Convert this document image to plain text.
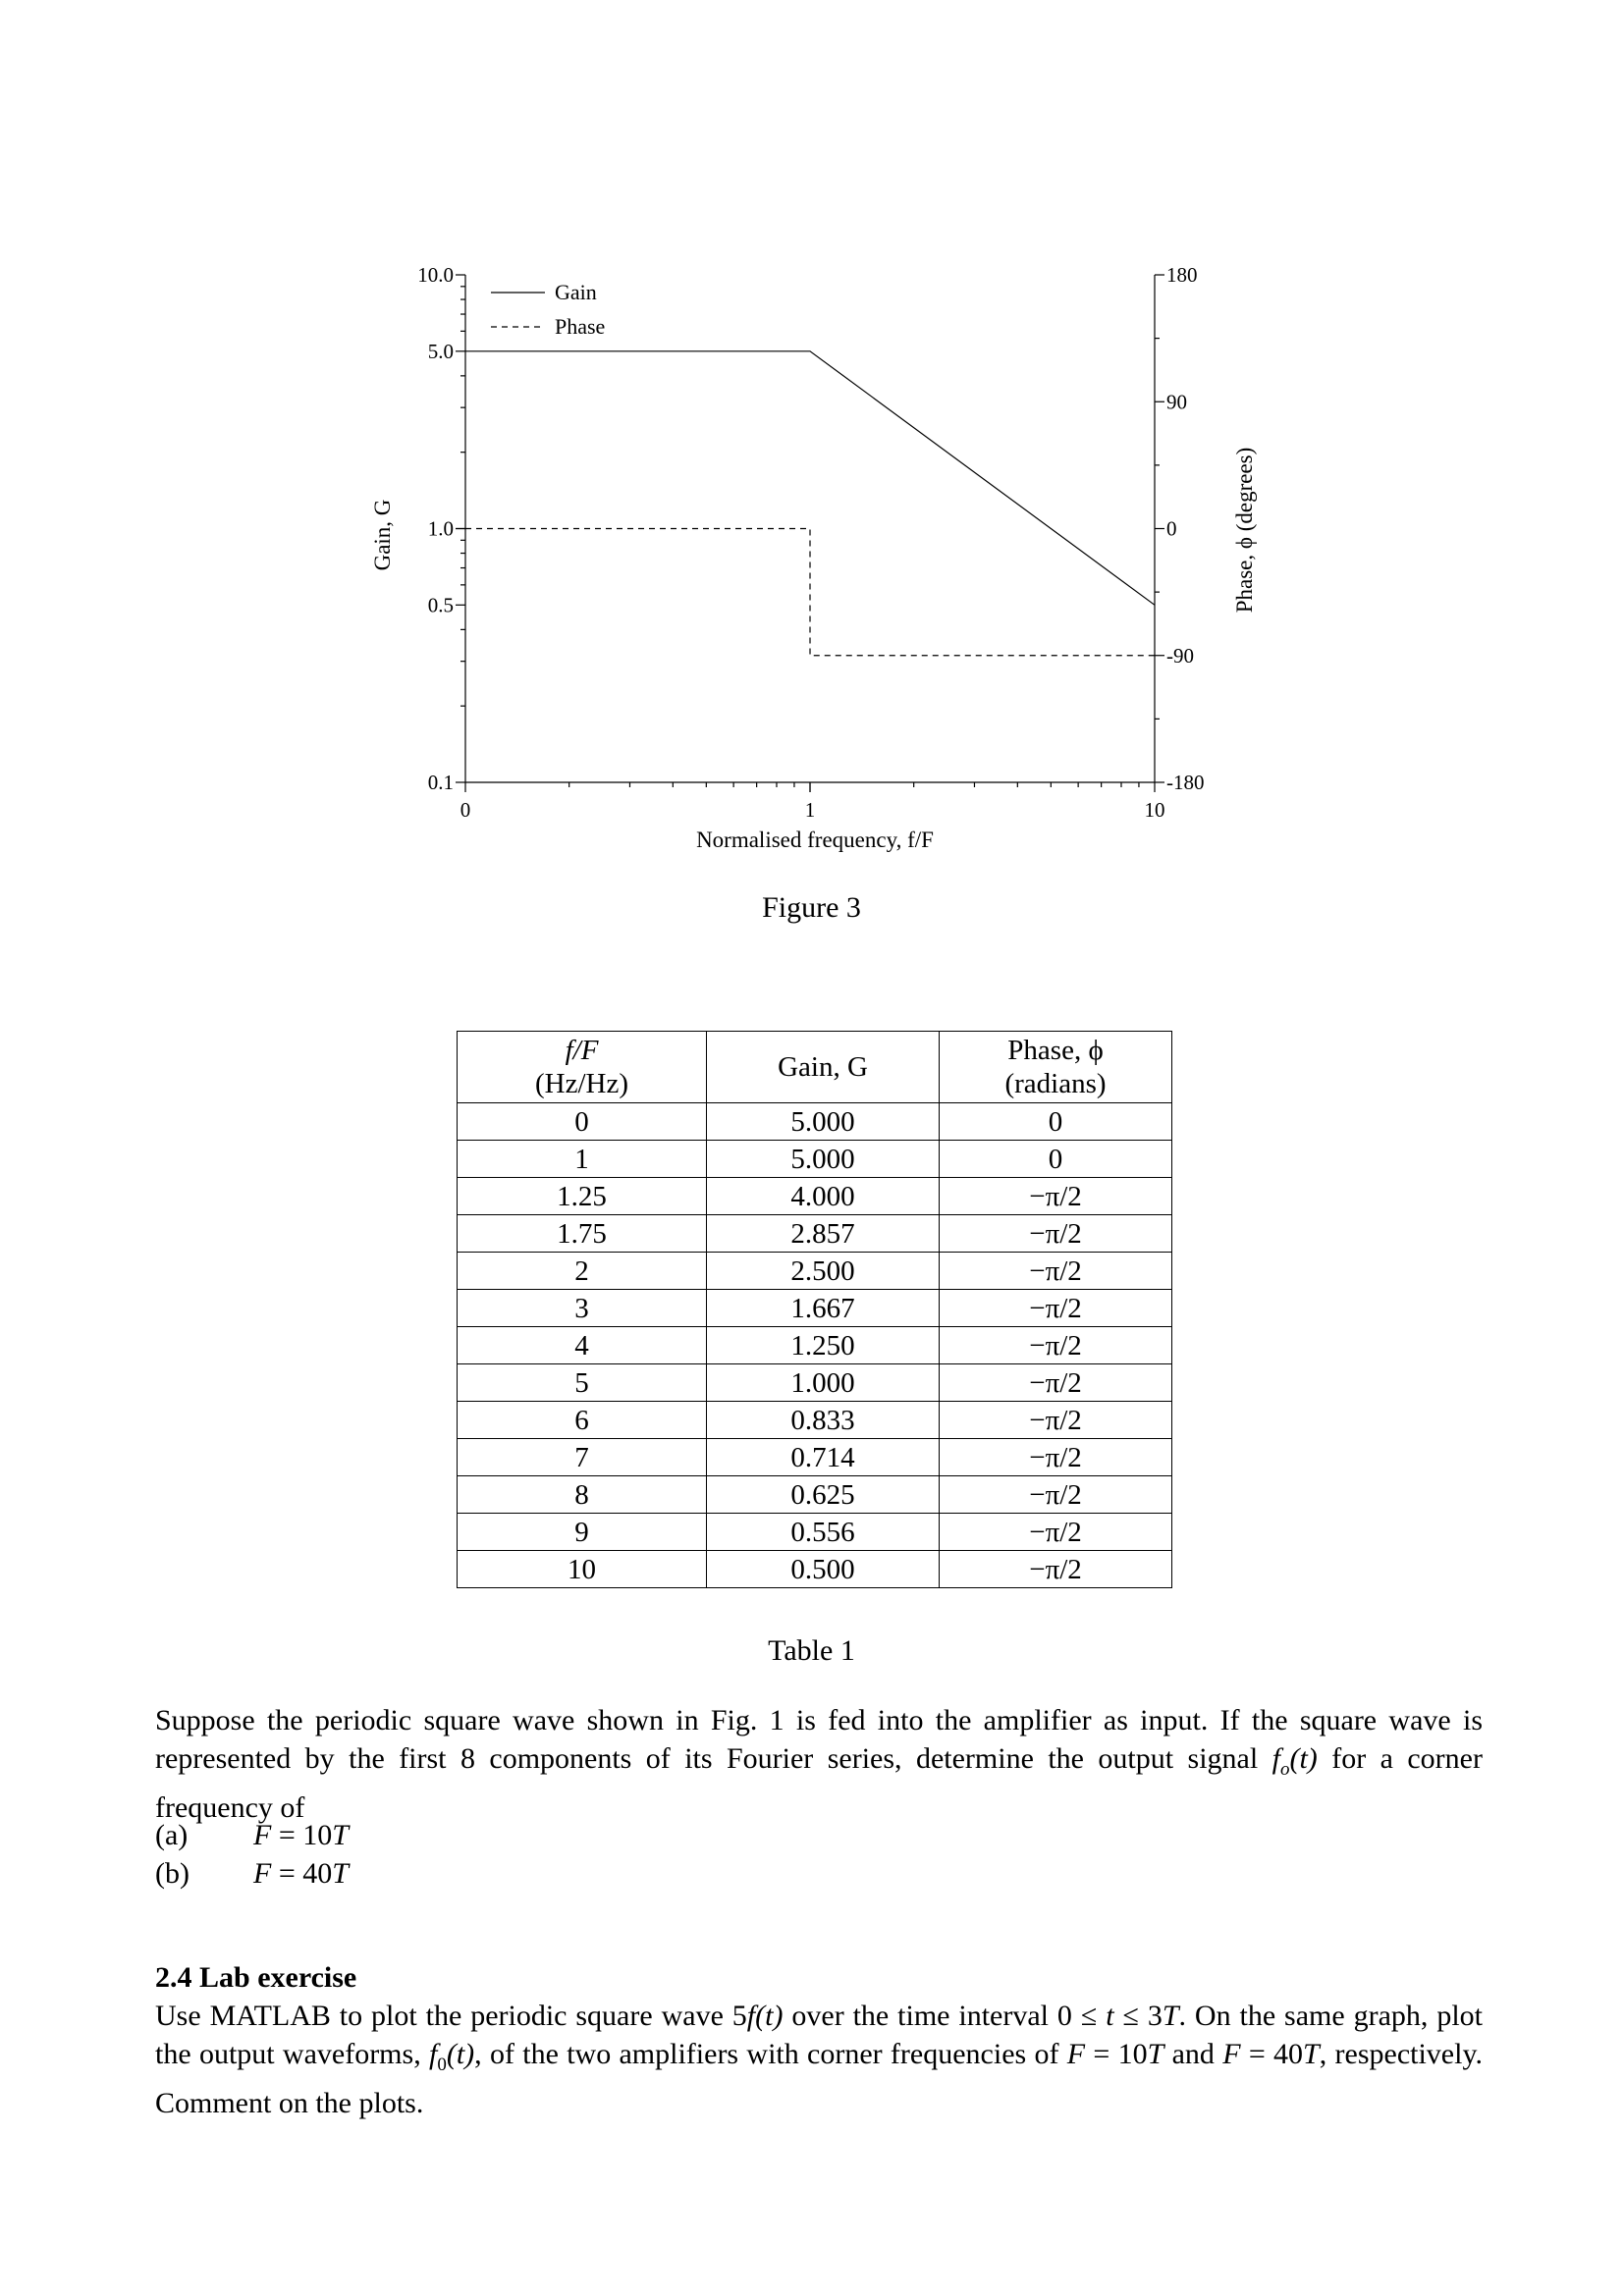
10.0
5.0
1.0
0.5
0.1
180
90
0
-90
-180
0	1	10
Gain
Phase
Normalised frequency, f/F
Gain, G	Phase, ϕ (degrees)
Figure 3
f/F
(Hz/Hz)	Gain, G	Phase, ϕ
(radians)
0	5.000	0
1	5.000	0
1.25	4.000	−π/2
1.75	2.857	−π/2
2	2.500	−π/2
3	1.667	−π/2
4	1.250	−π/2
5	1.000	−π/2
6	0.833	−π/2
7	0.714	−π/2
8	0.625	−π/2
9	0.556	−π/2
10	0.500	−π/2
Table 1

Suppose the periodic square wave shown in Fig. 1 is fed into the amplifier as input. If the square wave is represented by the first 8 components of its Fourier series, determine the output signal $f_o(t)$ for a corner frequency of

(a) F = 10T
(b) F = 40T
2.4 Lab exercise

Use MATLAB to plot the periodic square wave 5f(t) over the time interval 0 ≤ t ≤ 3T. On the same graph, plot the output waveforms, $f_0(t)$, of the two amplifiers with corner frequencies of F = 10T and F = 40T, respectively. Comment on the plots.
